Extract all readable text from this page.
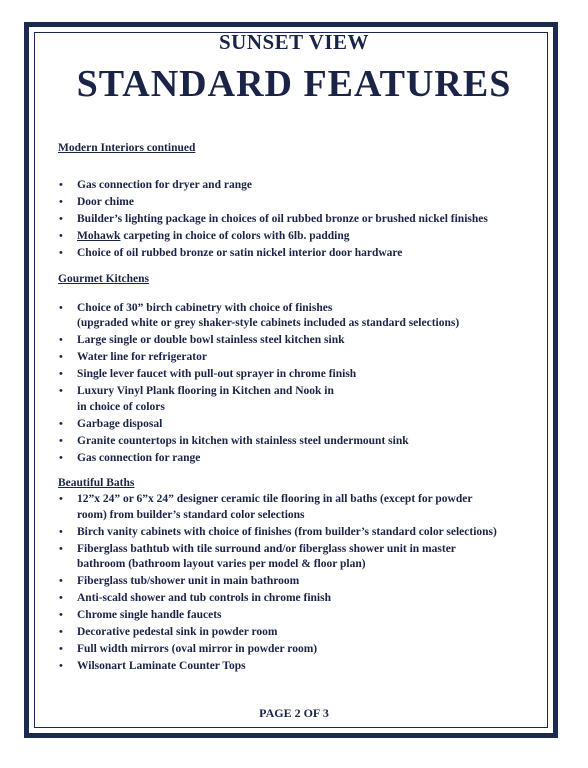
SUNSET VIEW
STANDARD FEATURES
Modern Interiors continued
• Gas connection for dryer and range
• Door chime
• Builder’s lighting package in choices of oil rubbed bronze or brushed nickel finishes
• Mohawk carpeting in choice of colors with 6lb. padding
• Choice of oil rubbed bronze or satin nickel interior door hardware
Gourmet Kitchens
• Choice of 30” birch cabinetry with choice of finishes
(upgraded white or grey shaker-style cabinets included as standard selections)
• Large single or double bowl stainless steel kitchen sink
• Water line for refrigerator
• Single lever faucet with pull-out sprayer in chrome finish
• Luxury Vinyl Plank flooring in Kitchen and Nook in
in choice of colors
• Garbage disposal
• Granite countertops in kitchen with stainless steel undermount sink
• Gas connection for range
Beautiful Baths
• 12”x 24” or 6”x 24” designer ceramic tile flooring in all baths (except for powder
room) from builder’s standard color selections
• Birch vanity cabinets with choice of finishes (from builder’s standard color selections)
• Fiberglass bathtub with tile surround and/or fiberglass shower unit in master
bathroom (bathroom layout varies per model & floor plan)
• Fiberglass tub/shower unit in main bathroom
• Anti-scald shower and tub controls in chrome finish
• Chrome single handle faucets
• Decorative pedestal sink in powder room
• Full width mirrors (oval mirror in powder room)
• Wilsonart Laminate Counter Tops
PAGE 2 OF 3
